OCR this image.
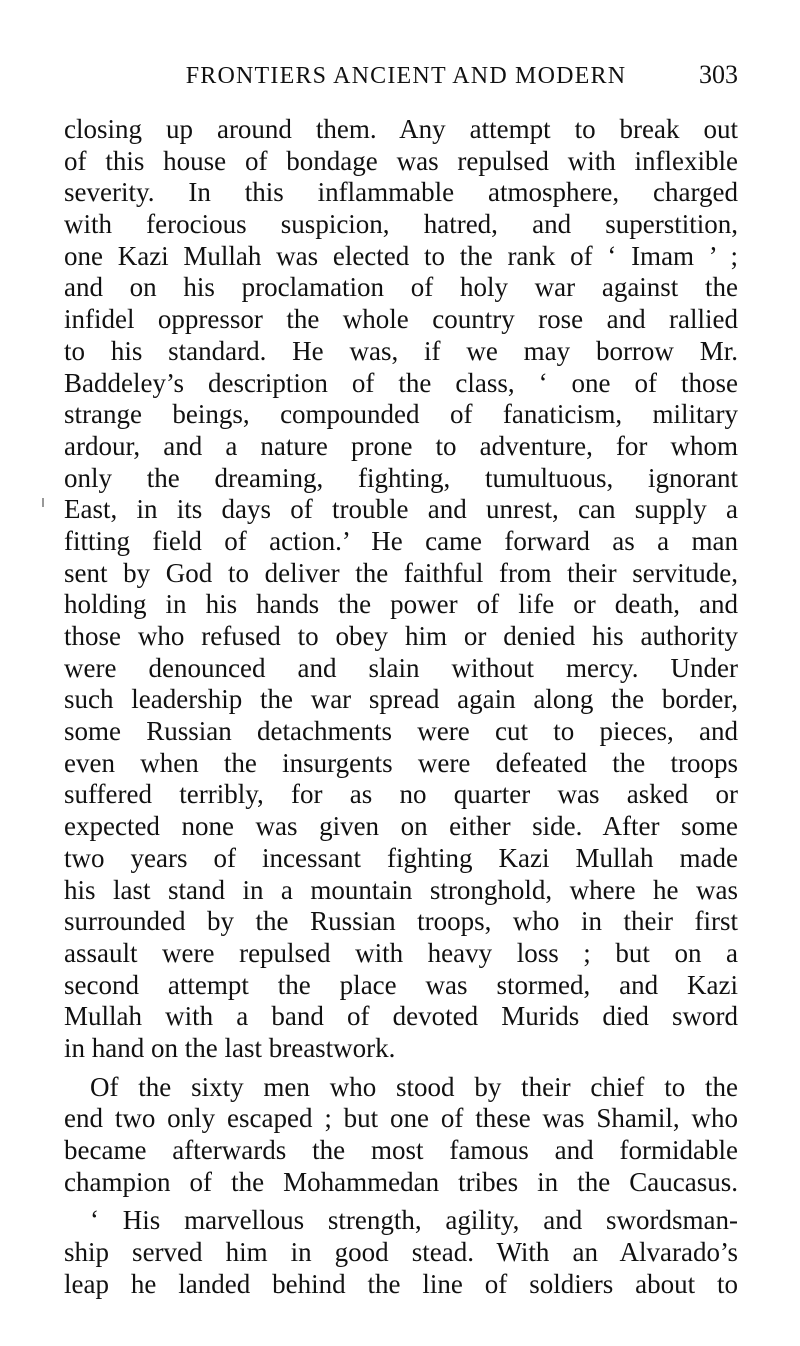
FRONTIERS ANCIENT AND MODERN	303
closing up around them. Any attempt to break out
of this house of bondage was repulsed with inflexible
severity. In this inflammable atmosphere, charged
with ferocious suspicion, hatred, and superstition,
one Kazi Mullah was elected to the rank of ‘ Imam ’ ;
and on his proclamation of holy war against the
infidel oppressor the whole country rose and rallied
to his standard. He was, if we may borrow Mr.
Baddeley’s description of the class, ‘ one of those
strange beings, compounded of fanaticism, military
ardour, and a nature prone to adventure, for whom
only the dreaming, fighting, tumultuous, ignorant
East, in its days of trouble and unrest, can supply a
fitting field of action.’ He came forward as a man
sent by God to deliver the faithful from their servitude,
holding in his hands the power of life or death, and
those who refused to obey him or denied his authority
were denounced and slain without mercy. Under
such leadership the war spread again along the border,
some Russian detachments were cut to pieces, and
even when the insurgents were defeated the troops
suffered terribly, for as no quarter was asked or
expected none was given on either side. After some
two years of incessant fighting Kazi Mullah made
his last stand in a mountain stronghold, where he was
surrounded by the Russian troops, who in their first
assault were repulsed with heavy loss ; but on a
second attempt the place was stormed, and Kazi
Mullah with a band of devoted Murids died sword
in hand on the last breastwork.
Of the sixty men who stood by their chief to the
end two only escaped ; but one of these was Shamil, who
became afterwards the most famous and formidable
champion of the Mohammedan tribes in the Caucasus.
‘ His marvellous strength, agility, and swordsman-
ship served him in good stead. With an Alvarado’s
leap he landed behind the line of soldiers about to
